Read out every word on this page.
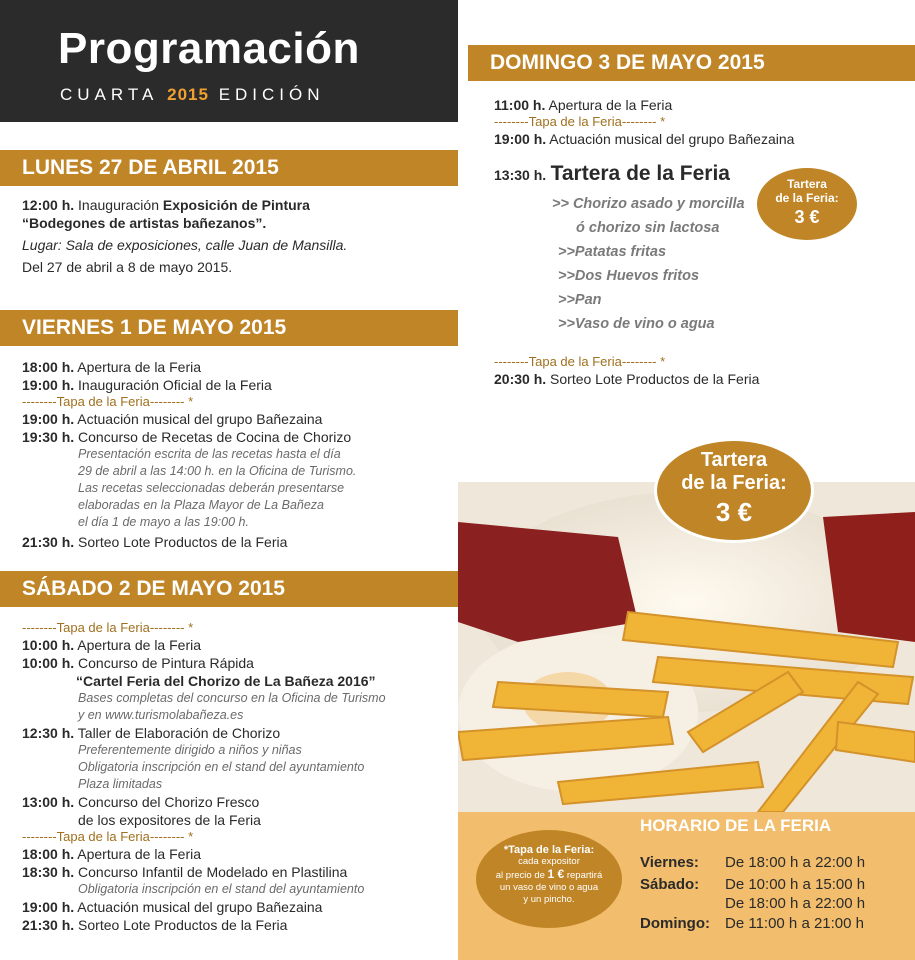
Programación
CUARTA 2015 EDICIÓN
LUNES 27 DE ABRIL 2015
12:00 h. Inauguración Exposición de Pintura
“Bodegones de artistas bañezanos”.
Lugar: Sala de exposiciones, calle Juan de Mansilla.
Del 27 de abril a 8 de mayo 2015.
VIERNES 1 DE MAYO 2015
18:00 h. Apertura de la Feria
19:00 h. Inauguración Oficial de la Feria
--------Tapa de la Feria-------- *
19:00 h. Actuación musical del grupo Bañezaina
19:30 h. Concurso de Recetas de Cocina de Chorizo
Presentación escrita de las recetas hasta el día
29 de abril a las 14:00 h. en la Oficina de Turismo.
Las recetas seleccionadas deberán presentarse
elaboradas en la Plaza Mayor de La Bañeza
el día 1 de mayo a las 19:00 h.
21:30 h. Sorteo Lote Productos de la Feria
SÁBADO 2 DE MAYO 2015
--------Tapa de la Feria-------- *
10:00 h. Apertura de la Feria
10:00 h. Concurso de Pintura Rápida
“Cartel Feria del Chorizo de La Bañeza 2016”
Bases completas del concurso en la Oficina de Turismo
y en www.turismolabañeza.es
12:30 h. Taller de Elaboración de Chorizo
Preferentemente dirigido a niños y niñas
Obligatoria inscripción en el stand del ayuntamiento
Plaza limitadas
13:00 h. Concurso del Chorizo Fresco
de los expositores de la Feria
--------Tapa de la Feria-------- *
18:00 h. Apertura de la Feria
18:30 h. Concurso Infantil de Modelado en Plastilina
Obligatoria inscripción en el stand del ayuntamiento
19:00 h. Actuación musical del grupo Bañezaina
21:30 h. Sorteo Lote Productos de la Feria
DOMINGO 3 DE MAYO 2015
11:00 h. Apertura de la Feria
--------Tapa de la Feria-------- *
19:00 h. Actuación musical del grupo Bañezaina
13:30 h. Tartera de la Feria
>> Chorizo asado y morcilla
ó chorizo sin lactosa
>>Patatas fritas
>>Dos Huevos fritos
>>Pan
>>Vaso de vino o agua
--------Tapa de la Feria-------- *
20:30 h. Sorteo Lote Productos de la Feria
Tartera
de la Feria:
3 €
Tartera
de la Feria:
3 €
HORARIO DE LA FERIA
*Tapa de la Feria:
cada expositor
al precio de 1 € repartirá
un vaso de vino o agua
y un pincho.
Viernes: De 18:00 h a 22:00 h
Sábado: De 10:00 h a 15:00 h
De 18:00 h a 22:00 h
Domingo: De 11:00 h a 21:00 h
